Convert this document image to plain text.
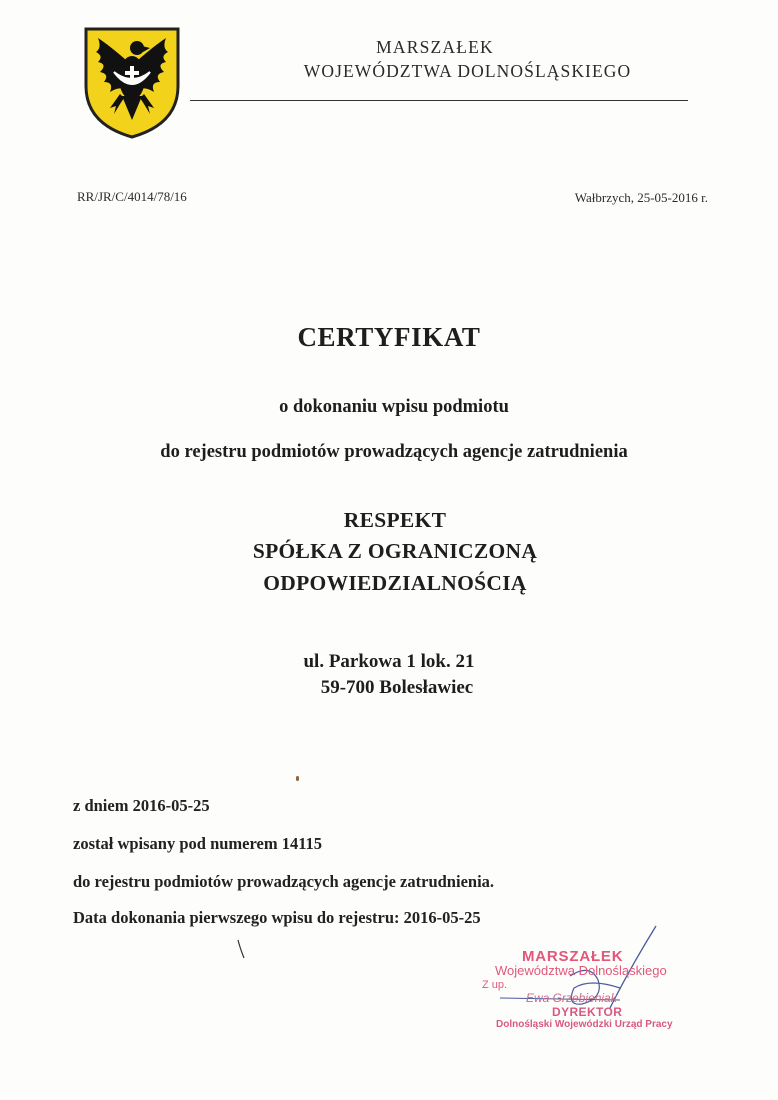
MARSZAŁEK
WOJEWÓDZTWA DOLNOŚLĄSKIEGO
RR/JR/C/4014/78/16	Wałbrzych, 25-05-2016 r.
CERTYFIKAT
o dokonaniu wpisu podmiotu
do rejestru podmiotów prowadzących agencje zatrudnienia
RESPEKT
SPÓŁKA Z OGRANICZONĄ
ODPOWIEDZIALNOŚCIĄ
ul. Parkowa 1 lok. 21
59-700 Bolesławiec
z dniem 2016-05-25
został wpisany pod numerem 14115
do rejestru podmiotów prowadzących agencje zatrudnienia.
Data dokonania pierwszego wpisu do rejestru: 2016-05-25
MARSZAŁEK
Województwa Dolnośląskiego
Z up.
Ewa Grzebieniak
DYREKTOR
Dolnośląski Wojewódzki Urząd Pracy
